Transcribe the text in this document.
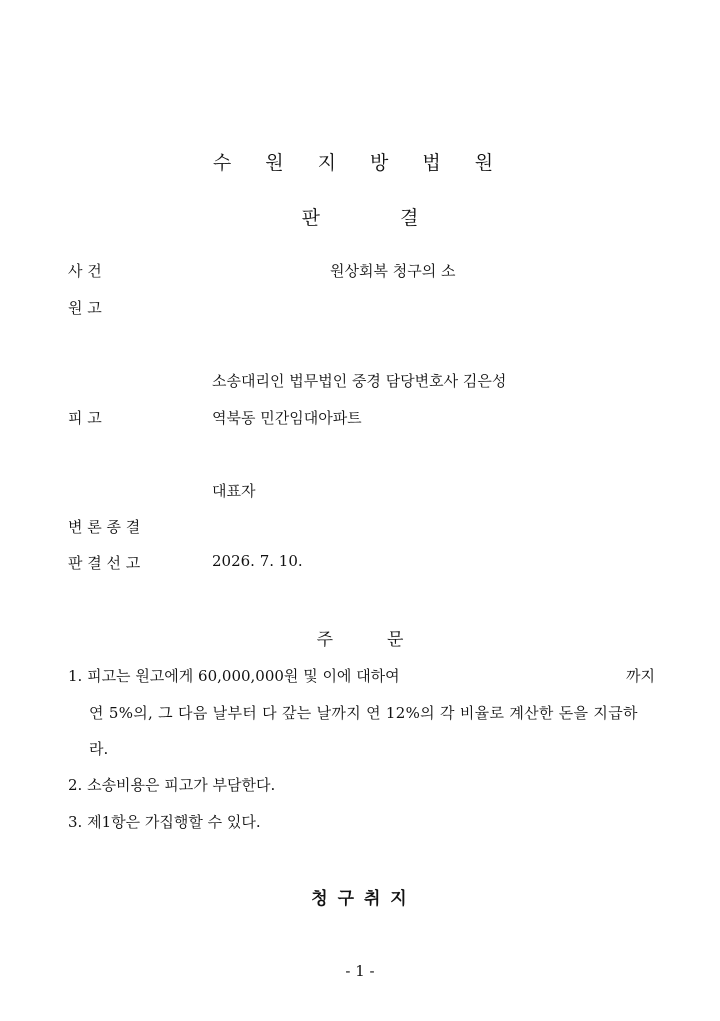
수 원 지 방 법 원
판	결
사 건	원상회복 청구의 소
원 고
소송대리인 법무법인 중경 담당변호사 김은성
피 고	역북동 민간임대아파트
대표자
변 론 종 결
판 결 선 고	2026. 7. 10.
주	문
1. 피고는 원고에게 60,000,000원 및 이에 대하여	까지
연 5%의, 그 다음 날부터 다 갚는 날까지 연 12%의 각 비율로 계산한 돈을 지급하
라.
2. 소송비용은 피고가 부담한다.
3. 제1항은 가집행할 수 있다.
청 구 취 지
- 1 -
